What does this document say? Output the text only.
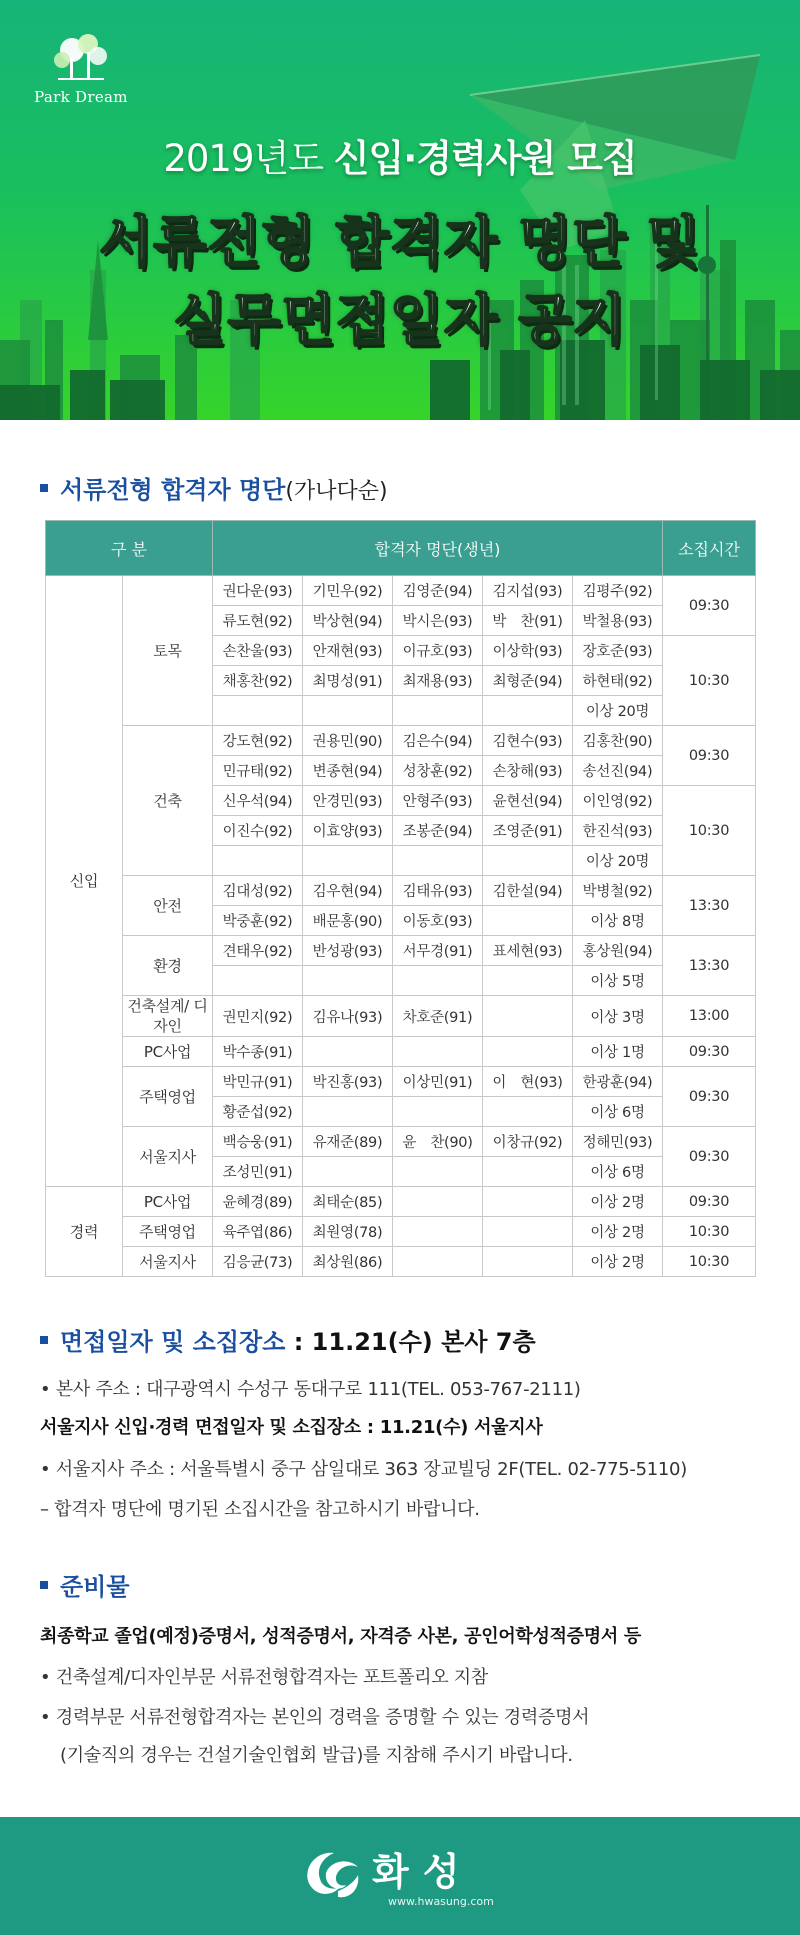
Park Dream
2019년도 신입·경력사원 모집
서류전형 합격자 명단 및
실무면접일자 공지
서류전형 합격자 명단(가나다순)
구 분		합격자 명단(생년)					소집시간
신입	토목	권다운(93)	기민우(92)	김영준(94)	김지섭(93)	김평주(92)	09:30
		류도현(92)	박상현(94)	박시은(93)	박　찬(91)	박철용(93)	
		손찬울(93)	안재현(93)	이규호(93)	이상학(93)	장호준(93)	10:30
		채홍찬(92)	최명성(91)	최재용(93)	최형준(94)	하현태(92)	
						이상 20명	
	건축	강도현(92)	권용민(90)	김은수(94)	김현수(93)	김홍찬(90)	09:30
		민규태(92)	변종현(94)	성창훈(92)	손창해(93)	송선진(94)	
		신우석(94)	안경민(93)	안형주(93)	윤현선(94)	이인영(92)	10:30
		이진수(92)	이효양(93)	조봉준(94)	조영준(91)	한진석(93)	
						이상 20명	
	안전	김대성(92)	김우현(94)	김태유(93)	김한설(94)	박병철(92)	13:30
		박중훈(92)	배문홍(90)	이동호(93)		이상 8명	
	환경	견태우(92)	반성광(93)	서무경(91)	표세현(93)	홍상원(94)	13:30
						이상 5명	
	건축설계/ 디자인	권민지(92)	김유나(93)	차호준(91)		이상 3명	13:00
	PC사업	박수종(91)				이상 1명	09:30
	주택영업	박민규(91)	박진홍(93)	이상민(91)	이　현(93)	한광훈(94)	09:30
		황준섭(92)				이상 6명	
	서울지사	백승웅(91)	유재준(89)	윤　찬(90)	이창규(92)	정해민(93)	09:30
		조성민(91)				이상 6명	
경력	PC사업	윤혜경(89)	최태순(85)			이상 2명	09:30
	주택영업	육주엽(86)	최원영(78)			이상 2명	10:30
	서울지사	김응균(73)	최상원(86)			이상 2명	10:30
면접일자 및 소집장소 : 11.21(수) 본사 7층
• 본사 주소 : 대구광역시 수성구 동대구로 111(TEL. 053-767-2111)
서울지사 신입·경력 면접일자 및 소집장소 : 11.21(수) 서울지사
• 서울지사 주소 : 서울특별시 중구 삼일대로 363 장교빌딩 2F(TEL. 02-775-5110)
– 합격자 명단에 명기된 소집시간을 참고하시기 바랍니다.
준비물
최종학교 졸업(예정)증명서, 성적증명서, 자격증 사본, 공인어학성적증명서 등
• 건축설계/디자인부문 서류전형합격자는 포트폴리오 지참
• 경력부문 서류전형합격자는 본인의 경력을 증명할 수 있는 경력증명서
(기술직의 경우는 건설기술인협회 발급)를 지참해 주시기 바랍니다.
화성
www.hwasung.com
